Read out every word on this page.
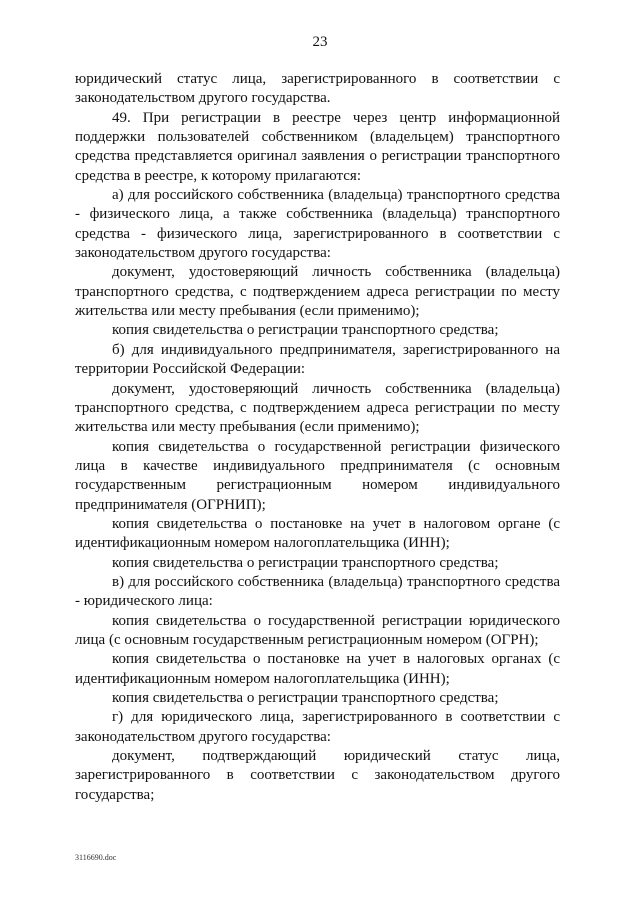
23

юридический статус лица, зарегистрированного в соответствии с законодательством другого государства.

49. При регистрации в реестре через центр информационной поддержки пользователей собственником (владельцем) транспортного средства представляется оригинал заявления о регистрации транспортного средства в реестре, к которому прилагаются:

а) для российского собственника (владельца) транспортного средства - физического лица, а также собственника (владельца) транспортного средства - физического лица, зарегистрированного в соответствии с законодательством другого государства:

документ, удостоверяющий личность собственника (владельца) транспортного средства, с подтверждением адреса регистрации по месту жительства или месту пребывания (если применимо);

копия свидетельства о регистрации транспортного средства;

б) для индивидуального предпринимателя, зарегистрированного на территории Российской Федерации:

документ, удостоверяющий личность собственника (владельца) транспортного средства, с подтверждением адреса регистрации по месту жительства или месту пребывания (если применимо);

копия свидетельства о государственной регистрации физического лица в качестве индивидуального предпринимателя (с основным государственным регистрационным номером индивидуального предпринимателя (ОГРНИП);

копия свидетельства о постановке на учет в налоговом органе (с идентификационным номером налогоплательщика (ИНН);

копия свидетельства о регистрации транспортного средства;

в) для российского собственника (владельца) транспортного средства - юридического лица:

копия свидетельства о государственной регистрации юридического лица (с основным государственным регистрационным номером (ОГРН);

копия свидетельства о постановке на учет в налоговых органах (с идентификационным номером налогоплательщика (ИНН);

копия свидетельства о регистрации транспортного средства;

г) для юридического лица, зарегистрированного в соответствии с законодательством другого государства:

документ, подтверждающий юридический статус лица, зарегистрированного в соответствии с законодательством другого государства;

3116690.doc
